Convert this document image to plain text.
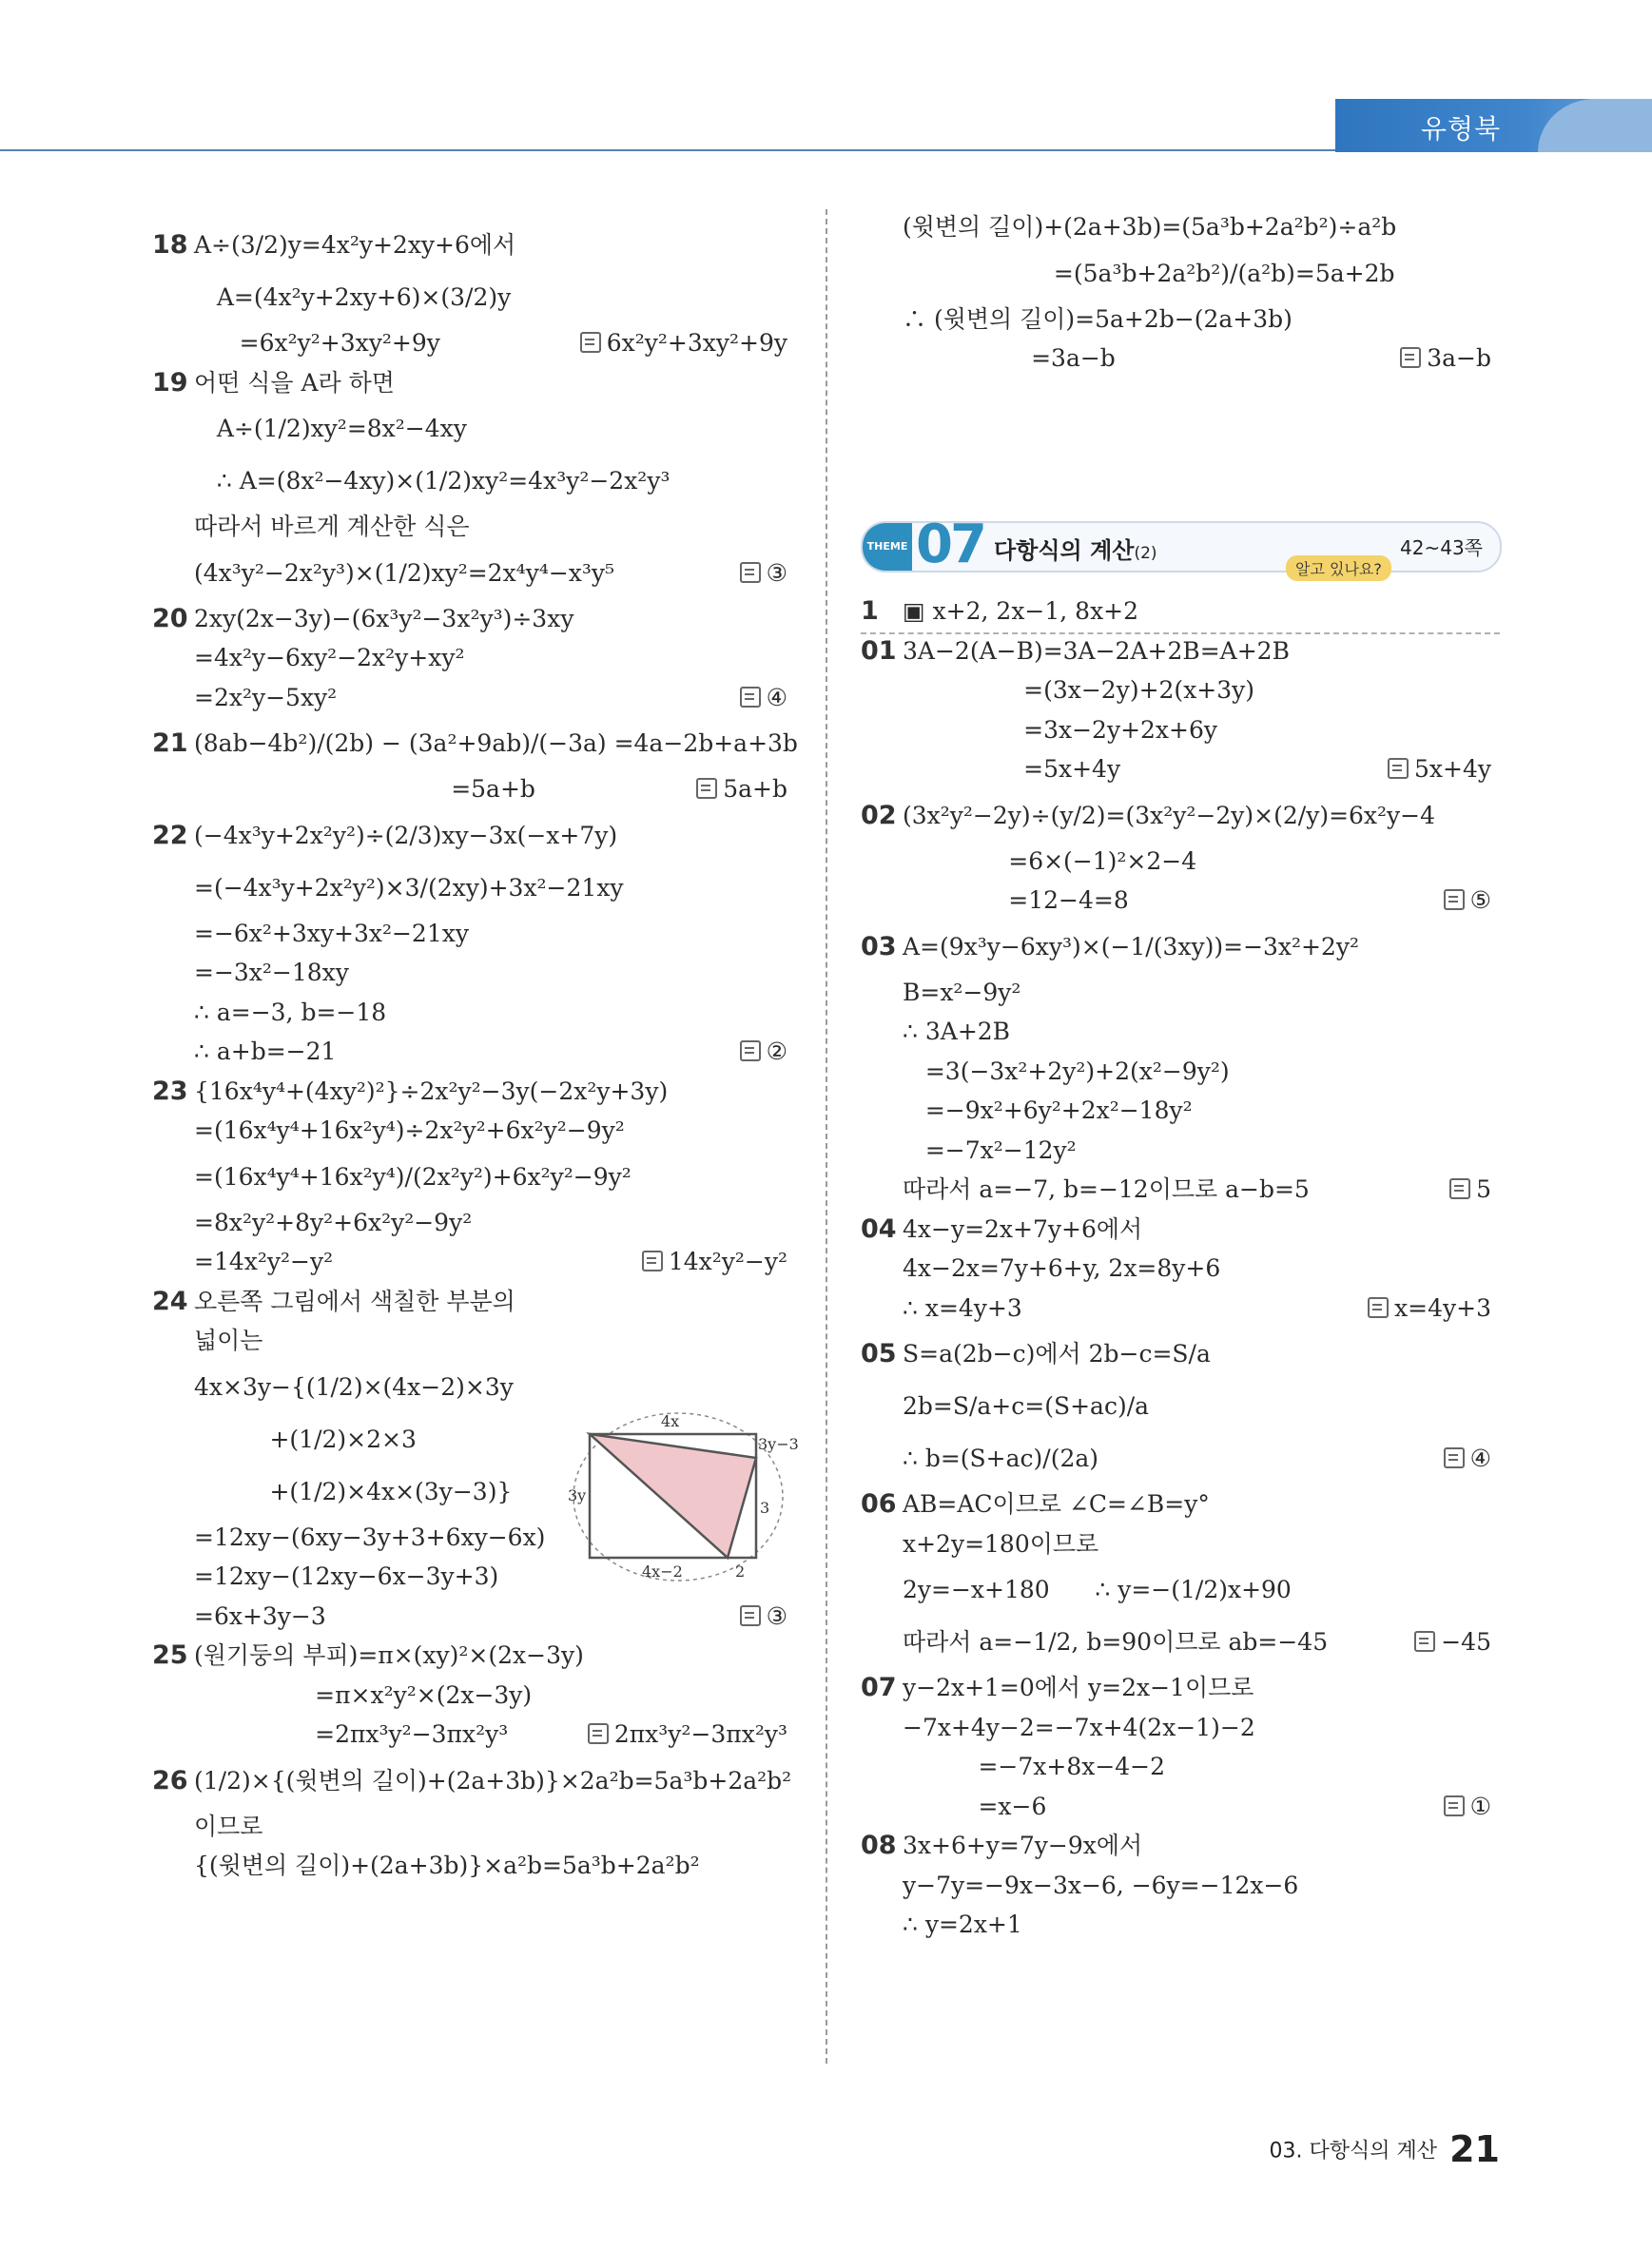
유형북
18 A÷(3/2)y=4x²y+2xy+6에서
A=(4x²y+2xy+6)×(3/2)y
=6x²y²+3xy²+9y	6x²y²+3xy²+9y
19 어떤 식을 A라 하면
A÷(1/2)xy²=8x²−4xy
∴ A=(8x²−4xy)×(1/2)xy²=4x³y²−2x²y³
따라서 바르게 계산한 식은
(4x³y²−2x²y³)×(1/2)xy²=2x⁴y⁴−x³y⁵	③
20 2xy(2x−3y)−(6x³y²−3x²y³)÷3xy
=4x²y−6xy²−2x²y+xy²
=2x²y−5xy²	④
21 (8ab−4b²)/(2b) − (3a²+9ab)/(−3a) =4a−2b+a+3b
=5a+b	5a+b
22 (−4x³y+2x²y²)÷(2/3)xy−3x(−x+7y)
=(−4x³y+2x²y²)×3/(2xy)+3x²−21xy
=−6x²+3xy+3x²−21xy
=−3x²−18xy
∴ a=−3, b=−18
∴ a+b=−21	②
23 {16x⁴y⁴+(4xy²)²}÷2x²y²−3y(−2x²y+3y)
=(16x⁴y⁴+16x²y⁴)÷2x²y²+6x²y²−9y²
=(16x⁴y⁴+16x²y⁴)/(2x²y²)+6x²y²−9y²
=8x²y²+8y²+6x²y²−9y²
=14x²y²−y²	14x²y²−y²
24 오른쪽 그림에서 색칠한 부분의
넓이는
4x×3y−{(1/2)×(4x−2)×3y
+(1/2)×2×3
+(1/2)×4x×(3y−3)}
=12xy−(6xy−3y+3+6xy−6x)
=12xy−(12xy−6x−3y+3)
=6x+3y−3	③
25 (원기둥의 부피)=π×(xy)²×(2x−3y)
=π×x²y²×(2x−3y)
=2πx³y²−3πx²y³	2πx³y²−3πx²y³
26 (1/2)×{(윗변의 길이)+(2a+3b)}×2a²b=5a³b+2a²b²
이므로
{(윗변의 길이)+(2a+3b)}×a²b=5a³b+2a²b²
(윗변의 길이)+(2a+3b)=(5a³b+2a²b²)÷a²b
=(5a³b+2a²b²)/(a²b)=5a+2b
∴ (윗변의 길이)=5a+2b−(2a+3b)
=3a−b	3a−b
THEME 07 다항식의 계산(2)
알고 있나요?
42~43쪽
1	▣ x+2, 2x−1, 8x+2
01 3A−2(A−B)=3A−2A+2B=A+2B
=(3x−2y)+2(x+3y)
=3x−2y+2x+6y
=5x+4y	5x+4y
02 (3x²y²−2y)÷(y/2)=(3x²y²−2y)×(2/y)=6x²y−4
=6×(−1)²×2−4
=12−4=8	⑤
03 A=(9x³y−6xy³)×(−1/(3xy))=−3x²+2y²
B=x²−9y²
∴ 3A+2B
=3(−3x²+2y²)+2(x²−9y²)
=−9x²+6y²+2x²−18y²
=−7x²−12y²
따라서 a=−7, b=−12이므로 a−b=5	5
04 4x−y=2x+7y+6에서
4x−2x=7y+6+y, 2x=8y+6
∴ x=4y+3	x=4y+3
05 S=a(2b−c)에서 2b−c=S/a
2b=S/a+c=(S+ac)/a
∴ b=(S+ac)/(2a)	④
06 AB=AC이므로 ∠C=∠B=y°
x+2y=180이므로
2y=−x+180      ∴ y=−(1/2)x+90
따라서 a=−1/2, b=90이므로 ab=−45	−45
07 y−2x+1=0에서 y=2x−1이므로
−7x+4y−2=−7x+4(2x−1)−2
=−7x+8x−4−2
=x−6	①
08 3x+6+y=7y−9x에서
y−7y=−9x−3x−6, −6y=−12x−6
∴ y=2x+1
4x
3y
3y−3
3
4x−2	2
03. 다항식의 계산 21
